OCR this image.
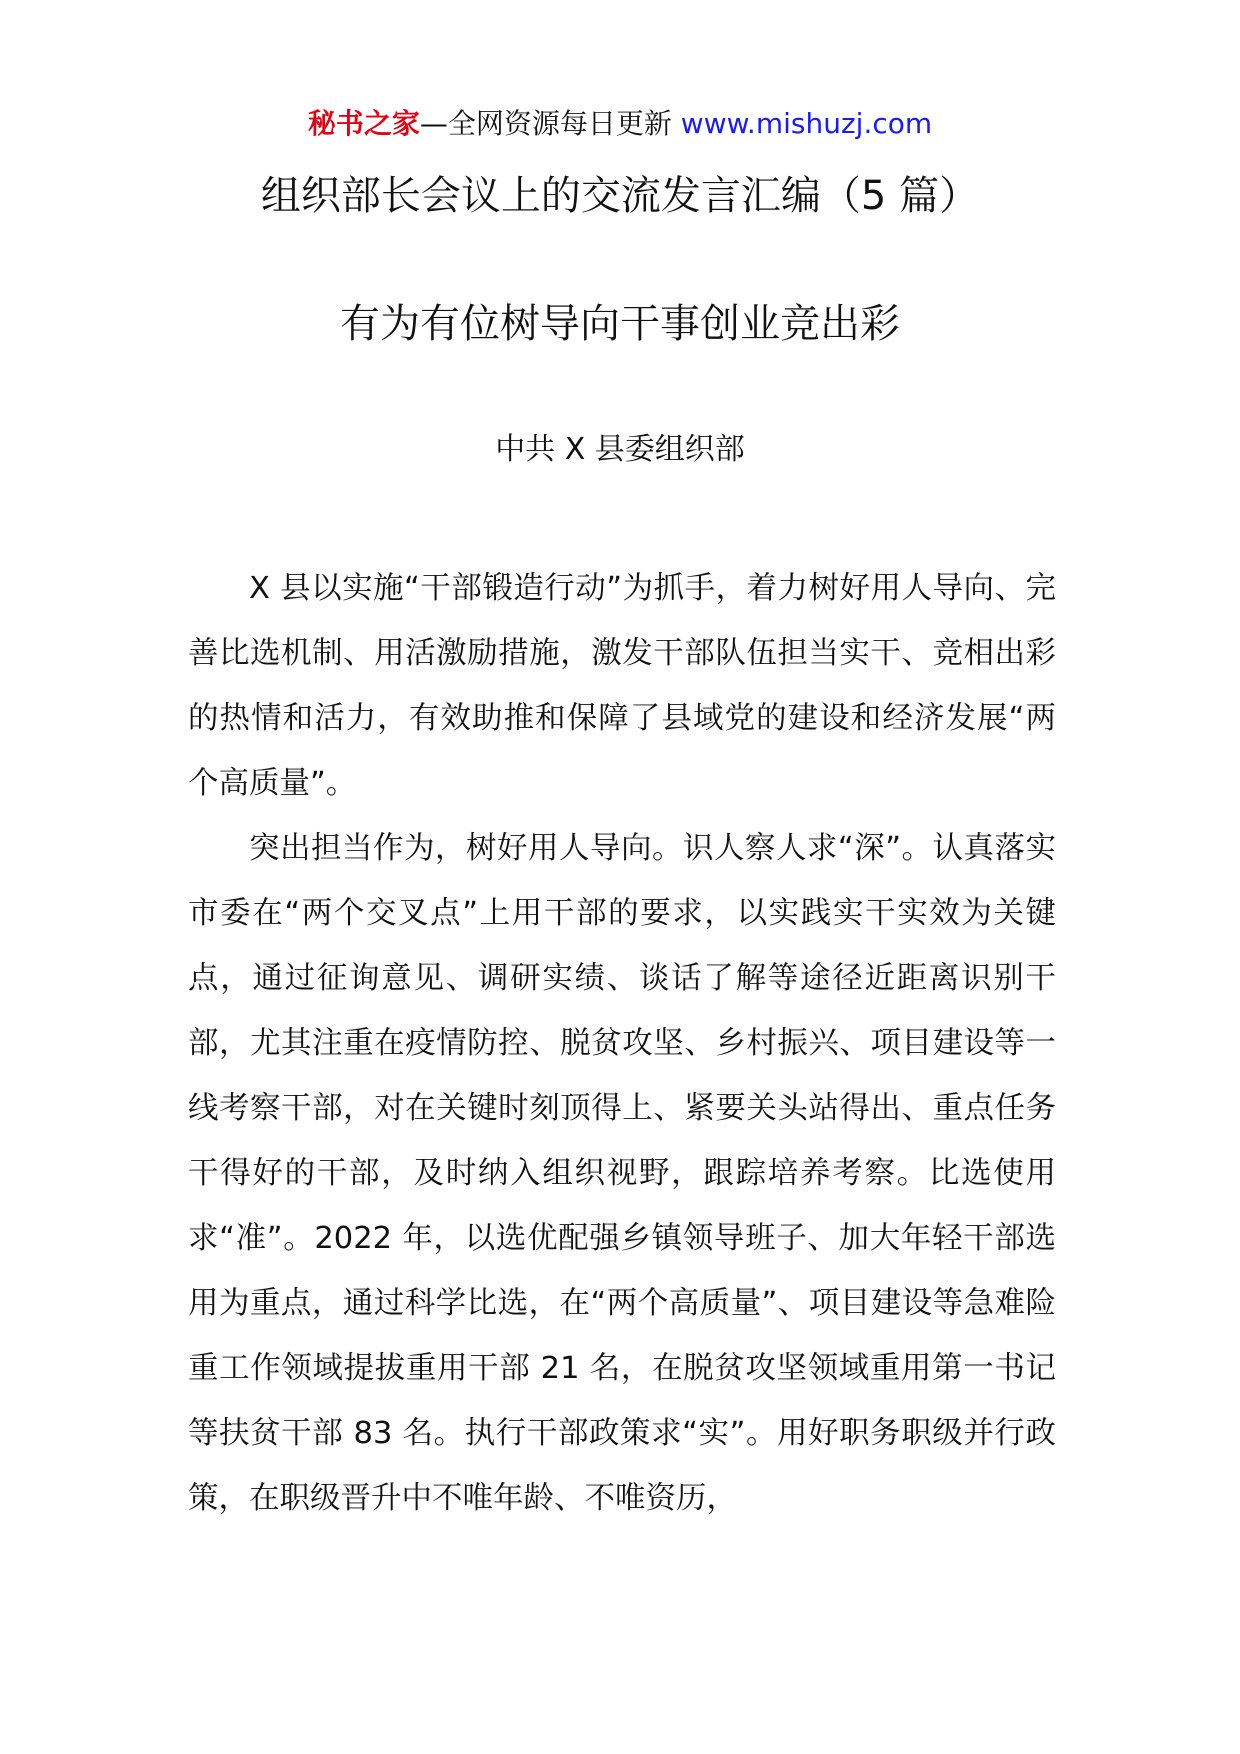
秘书之家—全网资源每日更新 www.mishuzj.com
组织部长会议上的交流发言汇编（5 篇）
有为有位树导向干事创业竞出彩
中共 X 县委组织部

X 县以实施“干部锻造行动”为抓手，着力树好用人导向、完善比选机制、用活激励措施，激发干部队伍担当实干、竞相出彩的热情和活力，有效助推和保障了县域党的建设和经济发展“两个高质量”。

突出担当作为，树好用人导向。识人察人求“深”。认真落实市委在“两个交叉点”上用干部的要求，以实践实干实效为关键点，通过征询意见、调研实绩、谈话了解等途径近距离识别干部，尤其注重在疫情防控、脱贫攻坚、乡村振兴、项目建设等一线考察干部，对在关键时刻顶得上、紧要关头站得出、重点任务干得好的干部，及时纳入组织视野，跟踪培养考察。比选使用求“准”。2022 年，以选优配强乡镇领导班子、加大年轻干部选用为重点，通过科学比选，在“两个高质量”、项目建设等急难险重工作领域提拔重用干部 21 名，在脱贫攻坚领域重用第一书记等扶贫干部 83 名。执行干部政策求“实”。用好职务职级并行政策，在职级晋升中不唯年龄、不唯资历，
